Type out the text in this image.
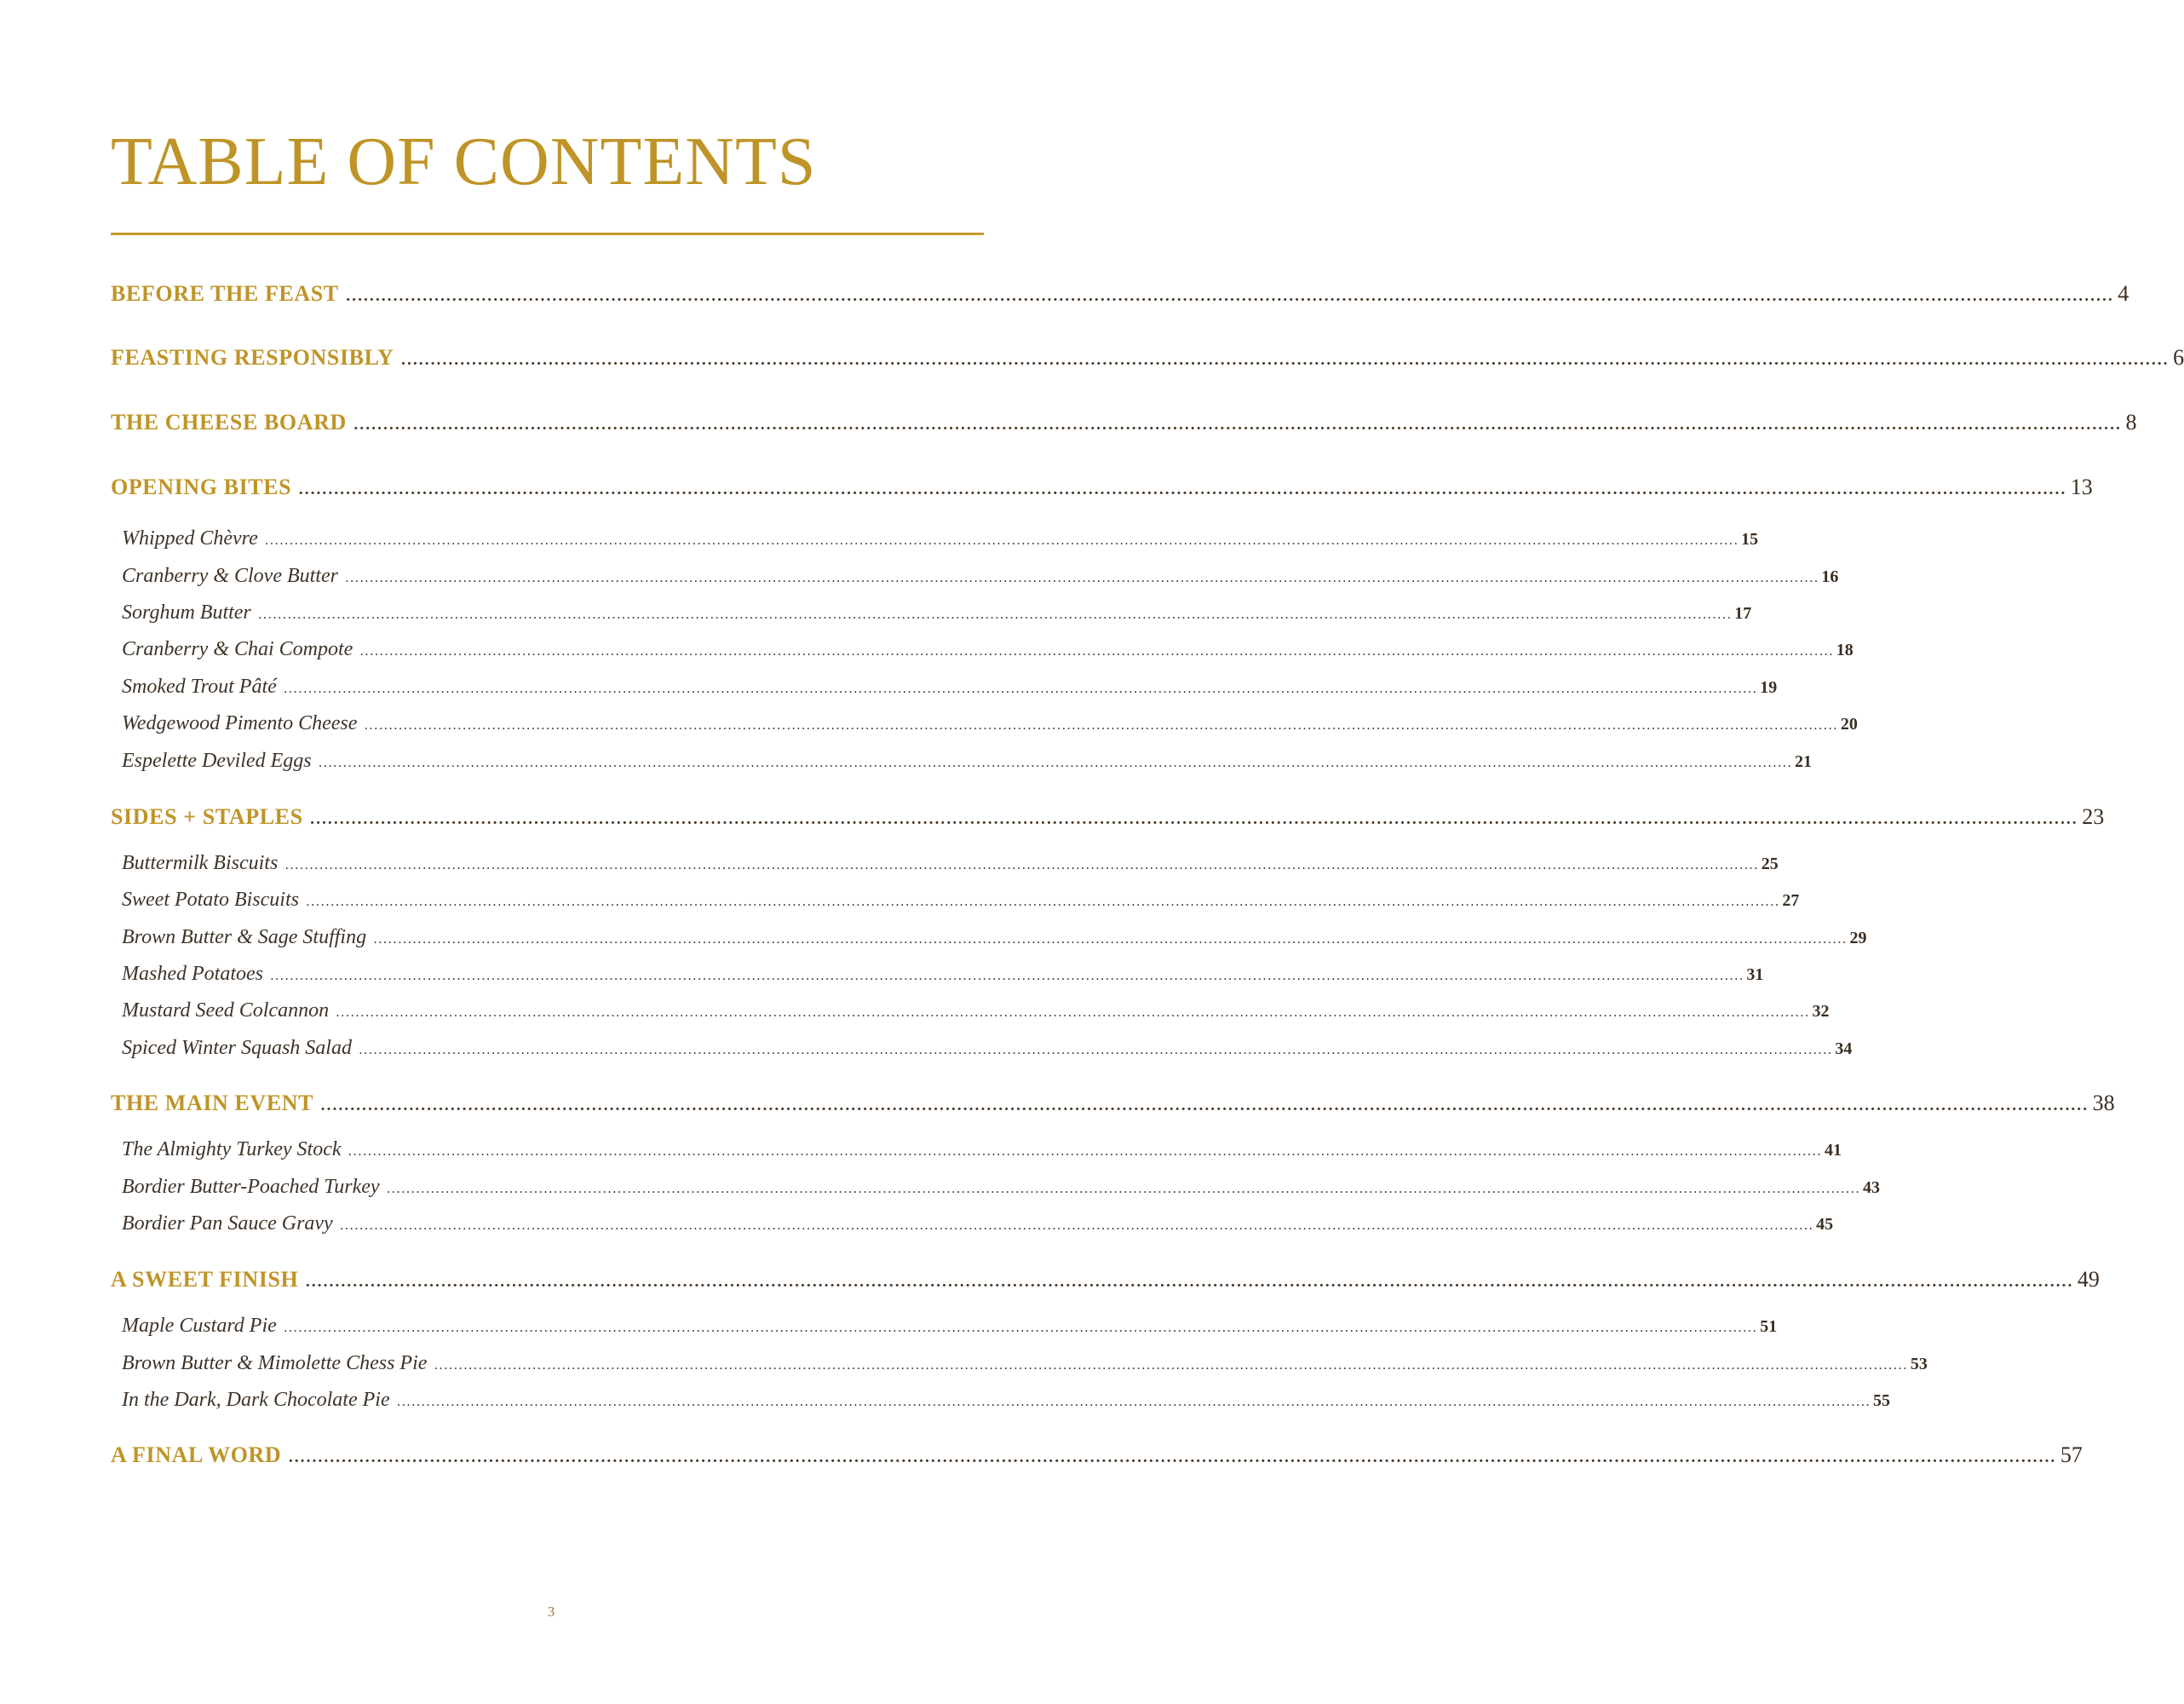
TABLE OF CONTENTS
BEFORE THE FEAST ............................................................................................................................................................................................................................................................................................................ 4
FEASTING RESPONSIBLY ............................................................................................................................................................................................................................................................................................................ 6
THE CHEESE BOARD ............................................................................................................................................................................................................................................................................................................ 8
OPENING BITES ............................................................................................................................................................................................................................................................................................................ 13
Whipped Chèvre ............................................................................................................................................................................................................................................................................................................ 15
Cranberry & Clove Butter ............................................................................................................................................................................................................................................................................................................ 16
Sorghum Butter ............................................................................................................................................................................................................................................................................................................ 17
Cranberry & Chai Compote ............................................................................................................................................................................................................................................................................................................ 18
Smoked Trout Pâté ............................................................................................................................................................................................................................................................................................................ 19
Wedgewood Pimento Cheese ............................................................................................................................................................................................................................................................................................................ 20
Espelette Deviled Eggs ............................................................................................................................................................................................................................................................................................................ 21
SIDES + STAPLES ............................................................................................................................................................................................................................................................................................................ 23
Buttermilk Biscuits ............................................................................................................................................................................................................................................................................................................ 25
Sweet Potato Biscuits ............................................................................................................................................................................................................................................................................................................ 27
Brown Butter & Sage Stuffing ............................................................................................................................................................................................................................................................................................................ 29
Mashed Potatoes ............................................................................................................................................................................................................................................................................................................ 31
Mustard Seed Colcannon ............................................................................................................................................................................................................................................................................................................ 32
Spiced Winter Squash Salad ............................................................................................................................................................................................................................................................................................................ 34
THE MAIN EVENT ............................................................................................................................................................................................................................................................................................................ 38
The Almighty Turkey Stock ............................................................................................................................................................................................................................................................................................................ 41
Bordier Butter-Poached Turkey ............................................................................................................................................................................................................................................................................................................ 43
Bordier Pan Sauce Gravy ............................................................................................................................................................................................................................................................................................................ 45
A SWEET FINISH ............................................................................................................................................................................................................................................................................................................ 49
Maple Custard Pie ............................................................................................................................................................................................................................................................................................................ 51
Brown Butter & Mimolette Chess Pie ............................................................................................................................................................................................................................................................................................................ 53
In the Dark, Dark Chocolate Pie ............................................................................................................................................................................................................................................................................................................ 55
A FINAL WORD ............................................................................................................................................................................................................................................................................................................ 57
3
